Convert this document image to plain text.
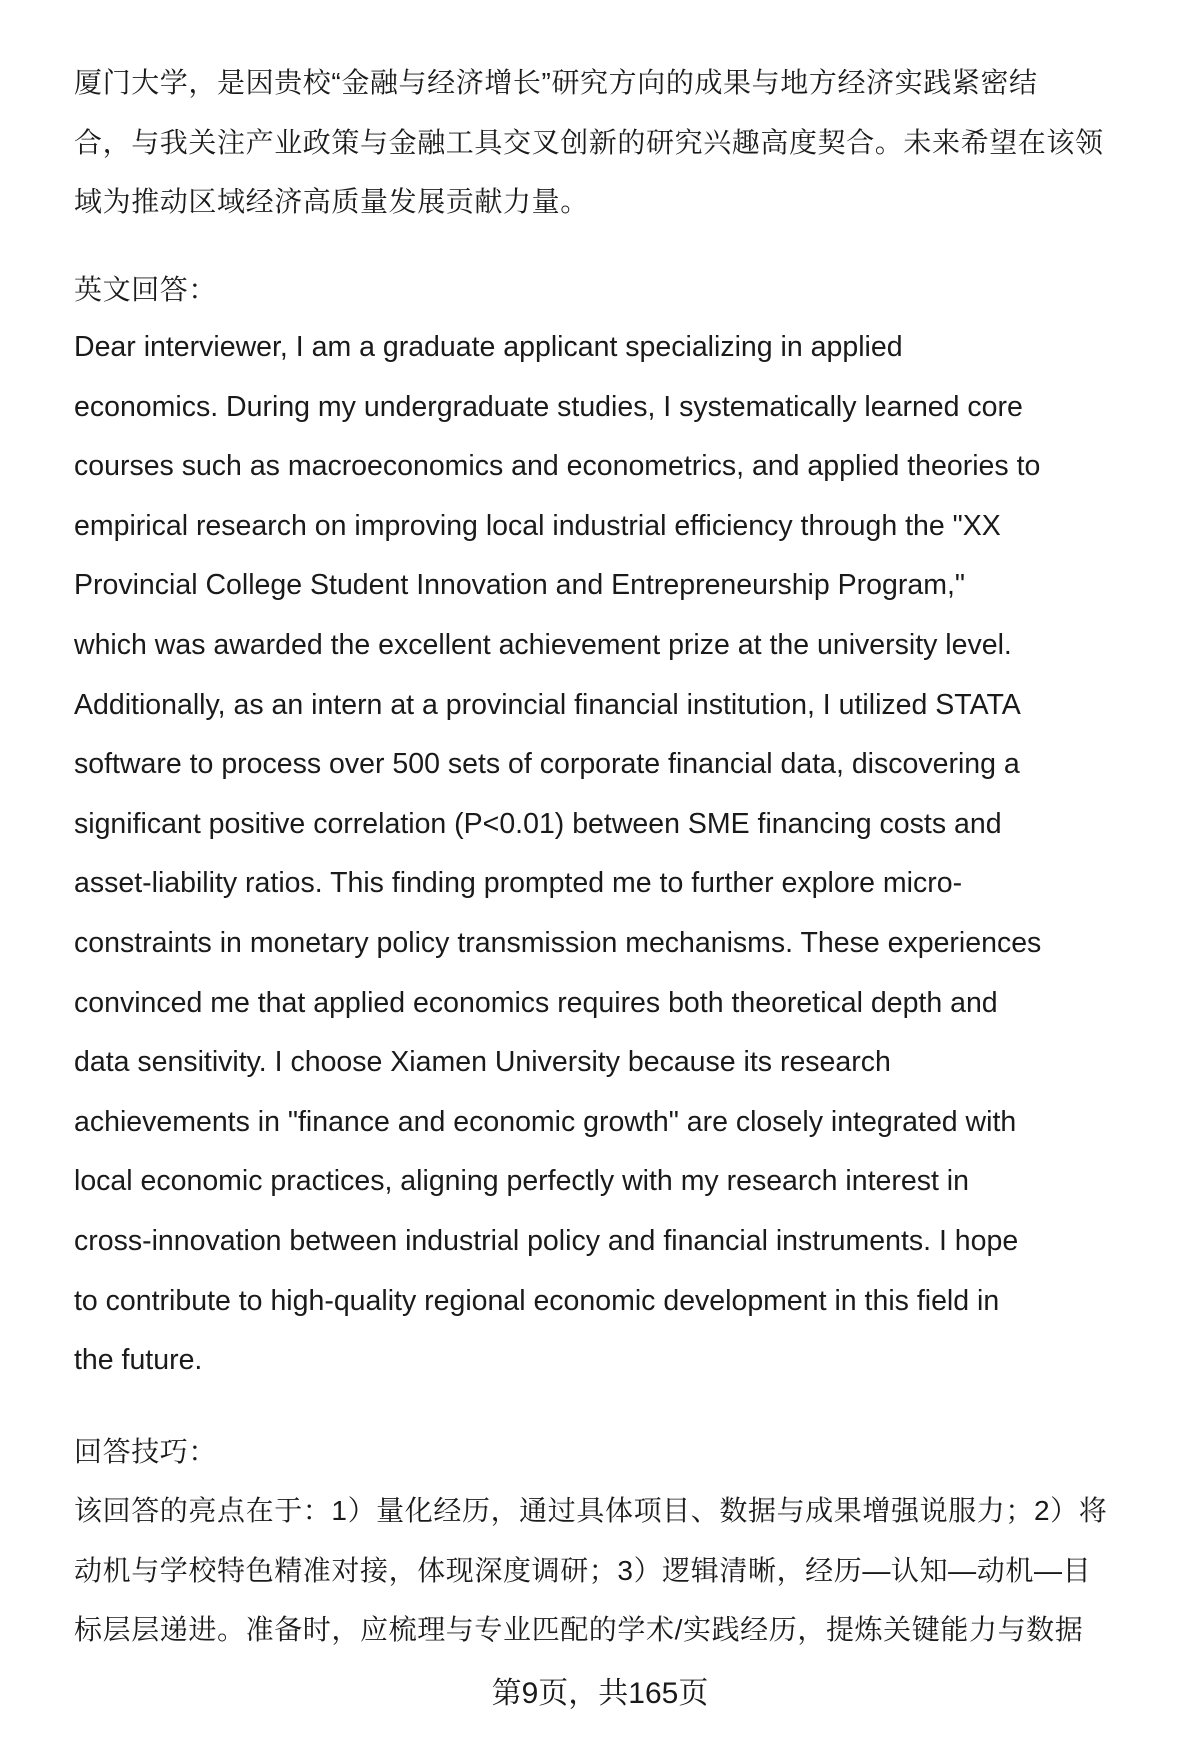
厦门大学，是因贵校“金融与经济增长”研究方向的成果与地方经济实践紧密结
合，与我关注产业政策与金融工具交叉创新的研究兴趣高度契合。未来希望在该领
域为推动区域经济高质量发展贡献力量。
英文回答：
Dear interviewer, I am a graduate applicant specializing in applied
economics. During my undergraduate studies, I systematically learned core
courses such as macroeconomics and econometrics, and applied theories to
empirical research on improving local industrial efficiency through the "XX
Provincial College Student Innovation and Entrepreneurship Program,"
which was awarded the excellent achievement prize at the university level.
Additionally, as an intern at a provincial financial institution, I utilized STATA
software to process over 500 sets of corporate financial data, discovering a
significant positive correlation (P<0.01) between SME financing costs and
asset-liability ratios. This finding prompted me to further explore micro-
constraints in monetary policy transmission mechanisms. These experiences
convinced me that applied economics requires both theoretical depth and
data sensitivity. I choose Xiamen University because its research
achievements in "finance and economic growth" are closely integrated with
local economic practices, aligning perfectly with my research interest in
cross-innovation between industrial policy and financial instruments. I hope
to contribute to high-quality regional economic development in this field in
the future.
回答技巧：
该回答的亮点在于：1）量化经历，通过具体项目、数据与成果增强说服力；2）将
动机与学校特色精准对接，体现深度调研；3）逻辑清晰，经历—认知—动机—目
标层层递进。准备时，应梳理与专业匹配的学术/实践经历，提炼关键能力与数据
第9页，共165页
